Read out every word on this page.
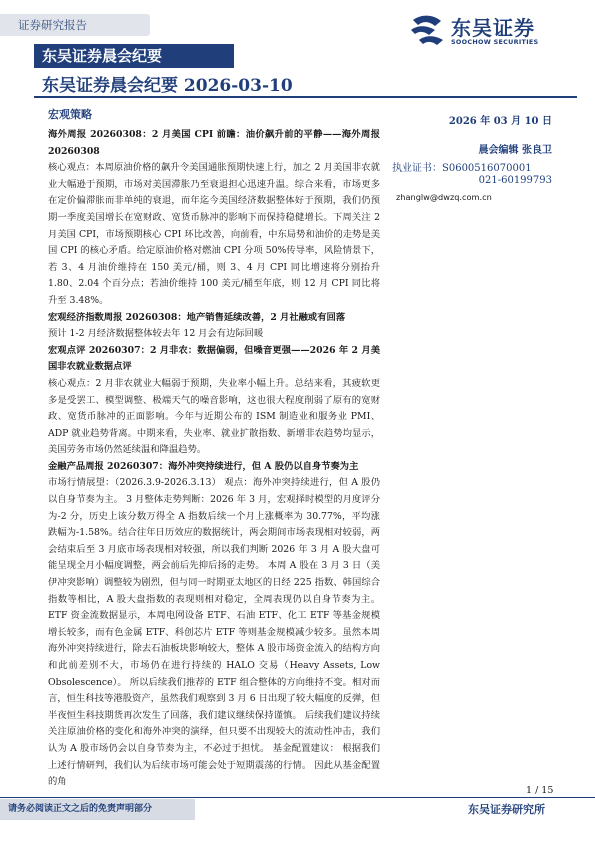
证券研究报告	东吴证券
SOOCHOW SECURITIES
东吴证券晨会纪要
东吴证券晨会纪要 2026-03-10
宏观策略

海外周报 20260308：2 月美国 CPI 前瞻：油价飙升前的平静——海外周报 20260308

核心观点：本周原油价格的飙升令美国通胀预期快速上行，加之 2 月美国非农就业大幅逊于预期，市场对美国滞胀乃至衰退担心迅速升温。综合来看，市场更多在定价偏滞胀而非单纯的衰退，而年迄今美国经济数据整体好于预期，我们仍预期一季度美国增长在宽财政、宽货币脉冲的影响下而保持稳健增长。下周关注 2 月美国 CPI，市场预期核心 CPI 环比改善，向前看，中东局势和油价的走势是美国 CPI 的核心矛盾。给定原油价格对燃油 CPI 分项 50%传导率，风险情景下，若 3、4 月油价维持在 150 美元/桶，则 3、4 月 CPI 同比增速将分别抬升 1.80、2.04 个百分点；若油价维持 100 美元/桶至年底，则 12 月 CPI 同比将升至 3.48%。

宏观经济指数周报 20260308：地产销售延续改善，2 月社融或有回落

预计 1-2 月经济数据整体较去年 12 月会有边际回暖

宏观点评 20260307：2 月非农：数据偏弱，但噪音更强——2026 年 2 月美国非农就业数据点评

核心观点：2 月非农就业大幅弱于预期，失业率小幅上升。总结来看，其疲软更多是受罢工、模型调整、极端天气的噪音影响，这也很大程度削弱了原有的宽财政、宽货币脉冲的正面影响。今年与近期公布的 ISM 制造业和服务业 PMI、ADP 就业趋势背离。中期来看，失业率、就业扩散指数、新增非农趋势均显示，美国劳务市场仍然延续温和降温趋势。

金融产品周报 20260307：海外冲突持续进行，但 A 股仍以自身节奏为主

市场行情展望：（2026.3.9-2026.3.13） 观点：海外冲突持续进行，但 A 股仍以自身节奏为主。 3 月整体走势判断：2026 年 3 月，宏观择时模型的月度评分为-2 分，历史上该分数万得全 A 指数后续一个月上涨概率为 30.77%，平均涨跌幅为-1.58%。结合往年日历效应的数据统计，两会期间市场表现相对较弱，两会结束后至 3 月底市场表现相对较强，所以我们判断 2026 年 3 月 A 股大盘可能呈现全月小幅度调整，两会前后先抑后扬的走势。 本周 A 股在 3 月 3 日（美伊冲突影响）调整较为剧烈，但与同一时期亚太地区的日经 225 指数、韩国综合指数等相比，A 股大盘指数的表现则相对稳定，全周表现仍以自身节奏为主。 ETF 资金流数据显示，本周电网设备 ETF、石油 ETF、化工 ETF 等基金规模增长较多，而有色金属 ETF、科创芯片 ETF 等则基金规模减少较多。虽然本周海外冲突持续进行，除去石油板块影响较大，整体 A 股市场资金流入的结构方向和此前差别不大，市场仍在进行持续的 HALO 交易（Heavy Assets, Low Obsolescence）。 所以后续我们推荐的 ETF 组合整体的方向维持不变。相对而言，恒生科技等港股资产，虽然我们观察到 3 月 6 日出现了较大幅度的反弹，但半夜恒生科技期货再次发生了回落，我们建议继续保持谨慎。 后续我们建议持续关注原油价格的变化和海外冲突的演绎，但只要不出现较大的流动性冲击，我们认为 A 股市场仍会以自身节奏为主，不必过于担忧。 基金配置建议： 根据我们上述行情研判，我们认为后续市场可能会处于短期震荡的行情。 因此从基金配置的角

2026 年 03 月 10 日
晨会编辑 张良卫
执业证书：S0600516070001
021-60199793
zhanglw@dwzq.com.cn
1 / 15
请务必阅读正文之后的免责声明部分	东吴证券研究所
